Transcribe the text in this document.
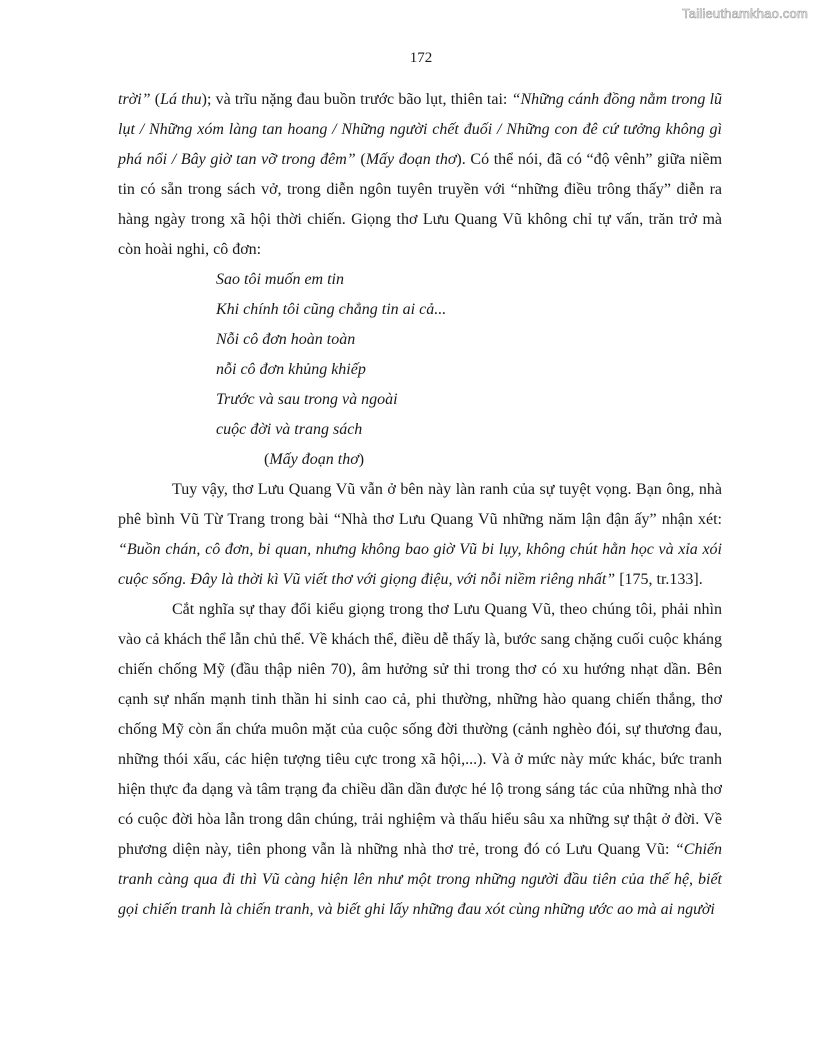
Tailieuthamkhao.com
172

trời” (Lá thu); và trĩu nặng đau buồn trước bão lụt, thiên tai: “Những cánh đồng nằm trong lũ lụt / Những xóm làng tan hoang / Những người chết đuối / Những con đê cứ tưởng không gì phá nổi / Bây giờ tan vỡ trong đêm” (Mấy đoạn thơ). Có thể nói, đã có “độ vênh” giữa niềm tin có sẵn trong sách vở, trong diễn ngôn tuyên truyền với “những điều trông thấy” diễn ra hàng ngày trong xã hội thời chiến. Giọng thơ Lưu Quang Vũ không chỉ tự vấn, trăn trở mà còn hoài nghi, cô đơn:

Sao tôi muốn em tin
Khi chính tôi cũng chẳng tin ai cả...
Nỗi cô đơn hoàn toàn
nỗi cô đơn khủng khiếp
Trước và sau trong và ngoài
cuộc đời và trang sách
(Mấy đoạn thơ)

Tuy vậy, thơ Lưu Quang Vũ vẫn ở bên này làn ranh của sự tuyệt vọng. Bạn ông, nhà phê bình Vũ Từ Trang trong bài “Nhà thơ Lưu Quang Vũ những năm lận đận ấy” nhận xét: “Buồn chán, cô đơn, bi quan, nhưng không bao giờ Vũ bi lụy, không chút hằn học và xỉa xói cuộc sống. Đây là thời kì Vũ viết thơ với giọng điệu, với nỗi niềm riêng nhất” [175, tr.133].

Cắt nghĩa sự thay đổi kiểu giọng trong thơ Lưu Quang Vũ, theo chúng tôi, phải nhìn vào cả khách thể lẫn chủ thể. Về khách thể, điều dễ thấy là, bước sang chặng cuối cuộc kháng chiến chống Mỹ (đầu thập niên 70), âm hưởng sử thi trong thơ có xu hướng nhạt dần. Bên cạnh sự nhấn mạnh tinh thần hi sinh cao cả, phi thường, những hào quang chiến thắng, thơ chống Mỹ còn ẩn chứa muôn mặt của cuộc sống đời thường (cảnh nghèo đói, sự thương đau, những thói xấu, các hiện tượng tiêu cực trong xã hội,...). Và ở mức này mức khác, bức tranh hiện thực đa dạng và tâm trạng đa chiều dần dần được hé lộ trong sáng tác của những nhà thơ có cuộc đời hòa lẫn trong dân chúng, trải nghiệm và thấu hiểu sâu xa những sự thật ở đời. Về phương diện này, tiên phong vẫn là những nhà thơ trẻ, trong đó có Lưu Quang Vũ: “Chiến tranh càng qua đi thì Vũ càng hiện lên như một trong những người đầu tiên của thế hệ, biết gọi chiến tranh là chiến tranh, và biết ghi lấy những đau xót cùng những ước ao mà ai người
